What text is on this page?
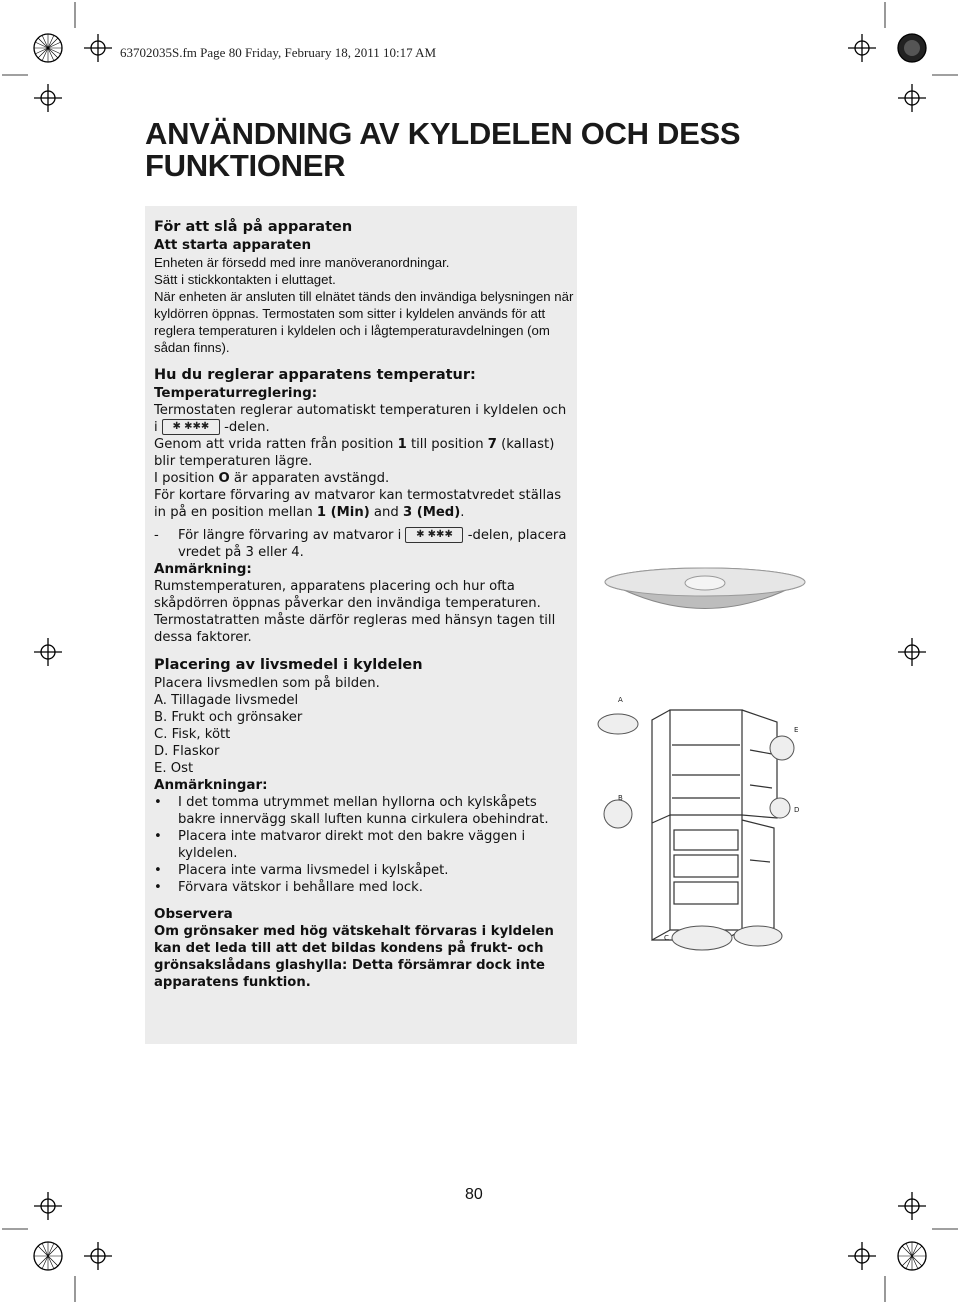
63702035S.fm Page 80 Friday, February 18, 2011 10:17 AM
ANVÄNDNING AV KYLDELEN OCH DESS
FUNKTIONER
För att slå på apparaten
Att starta apparaten
Enheten är försedd med inre manöveranordningar.
Sätt i stickkontakten i eluttaget.
När enheten är ansluten till elnätet tänds den invändiga belysningen när kyldörren öppnas. Termostaten som sitter i kyldelen används för att reglera temperaturen i kyldelen och i lågtemperaturavdelningen (om sådan finns).
Hu du reglerar apparatens temperatur:
Temperaturreglering:
Termostaten reglerar automatiskt temperaturen i kyldelen och
i ✱ ✱✱✱ -delen.
Genom att vrida ratten från position 1 till position 7 (kallast) blir temperaturen lägre.
I position O är apparaten avstängd.
För kortare förvaring av matvaror kan termostatvredet ställas in på en position mellan 1 (Min) and 3 (Med).
-	För längre förvaring av matvaror i ✱ ✱✱✱ -delen, placera vredet på 3 eller 4.
Anmärkning:
Rumstemperaturen, apparatens placering och hur ofta skåpdörren öppnas påverkar den invändiga temperaturen. Termostatratten måste därför regleras med hänsyn tagen till dessa faktorer.
Placering av livsmedel i kyldelen
Placera livsmedlen som på bilden.
A. Tillagade livsmedel
B. Frukt och grönsaker
C. Fisk, kött
D. Flaskor
E. Ost
Anmärkningar:
•	I det tomma utrymmet mellan hyllorna och kylskåpets bakre innervägg skall luften kunna cirkulera obehindrat.
•	Placera inte matvaror direkt mot den bakre väggen i kyldelen.
•	Placera inte varma livsmedel i kylskåpet.
•	Förvara vätskor i behållare med lock.
Observera
Om grönsaker med hög vätskehalt förvaras i kyldelen kan det leda till att det bildas kondens på frukt- och grönsakslådans glashylla: Detta försämrar dock inte apparatens funktion.
A
B
C
D
E
80
